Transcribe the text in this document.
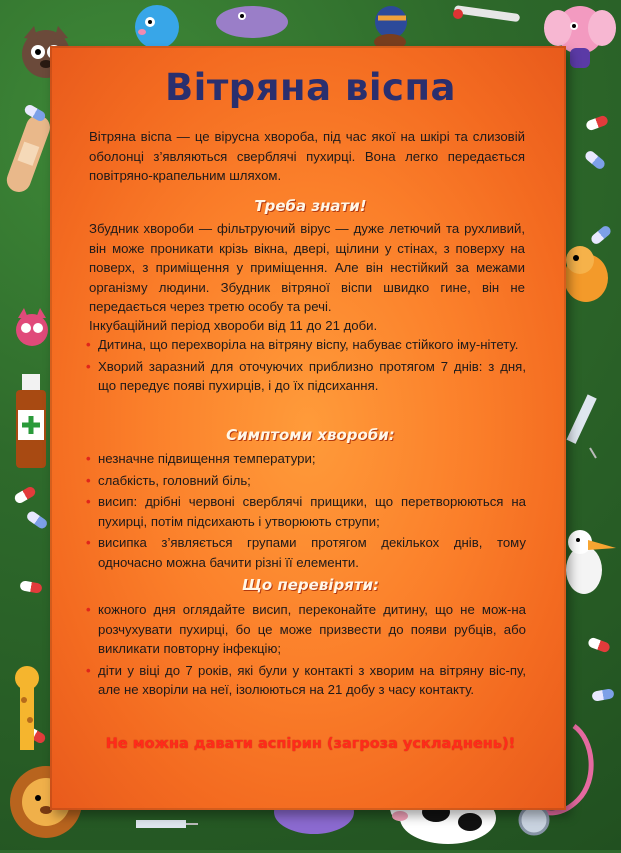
Вітряна віспа
Вітряна віспа — це вірусна хвороба, під час якої на шкірі та слизовій оболонці з’являються сверблячі пухирці. Вона легко передається повітряно-крапельним шляхом.
Треба знати!
Збудник хвороби — фільтруючий вірус — дуже летючий та рухливий, він може проникати крізь вікна, двері, щілини у стінах, з поверху на поверх, з приміщення у приміщення. Але він нестійкий за межами організму людини. Збудник вітряної віспи швидко гине, він не передається через третю особу та речі.
Інкубаційний період хвороби від 11 до 21 доби.
• Дитина, що перехворіла на вітряну віспу, набуває стійкого іму-нітету.
• Хворий заразний для оточуючих приблизно протягом 7 днів: з дня, що передує появі пухирців, і до їх підсихання.
Симптоми хвороби:
• незначне підвищення температури;
• слабкість, головний біль;
• висип: дрібні червоні сверблячі прищики, що перетворюються на пухирці, потім підсихають і утворюють струпи;
• висипка з’являється групами протягом декількох днів, тому одночасно можна бачити різні її елементи.
Що перевіряти:
• кожного дня оглядайте висип, переконайте дитину, що не мож-на розчухувати пухирці, бо це може призвести до появи рубців, або викликати повторну інфекцію;
• діти у віці до 7 років, які були у контакті з хворим на вітряну віс-пу, але не хворіли на неї, ізолюються на 21 добу з часу контакту.
Не можна давати аспірин (загроза ускладнень)!
